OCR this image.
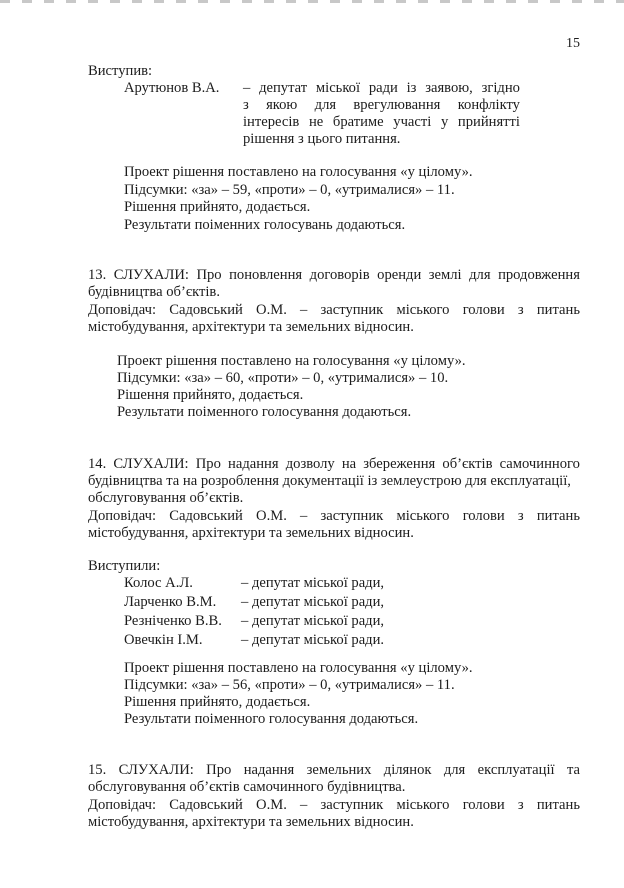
15
Виступив:
Арутюнов В.А. – депутат міської ради із заявою, згідно
з якою для врегулювання конфлікту
інтересів не братиме участі у прийнятті
рішення з цього питання.
Проект рішення поставлено на голосування «у цілому».
Підсумки: «за» – 59, «проти» – 0, «утрималися» – 11.
Рішення прийнято, додається.
Результати поіменних голосувань додаються.
13. СЛУХАЛИ: Про поновлення договорів оренди землі для продовження
будівництва об’єктів.
Доповідач: Садовський О.М. – заступник міського голови з питань
містобудування, архітектури та земельних відносин.
Проект рішення поставлено на голосування «у цілому».
Підсумки: «за» – 60, «проти» – 0, «утрималися» – 10.
Рішення прийнято, додається.
Результати поіменного голосування додаються.
14. СЛУХАЛИ: Про надання дозволу на збереження об’єктів самочинного
будівництва та на розроблення документації із землеустрою для експлуатації,
обслуговування об’єктів.
Доповідач: Садовський О.М. – заступник міського голови з питань
містобудування, архітектури та земельних відносин.
Виступили:
Колос А.Л.	– депутат міської ради,
Ларченко В.М.	– депутат міської ради,
Резніченко В.В.	– депутат міської ради,
Овечкін І.М.	– депутат міської ради.
Проект рішення поставлено на голосування «у цілому».
Підсумки: «за» – 56, «проти» – 0, «утрималися» – 11.
Рішення прийнято, додається.
Результати поіменного голосування додаються.
15. СЛУХАЛИ: Про надання земельних ділянок для експлуатації та
обслуговування об’єктів самочинного будівництва.
Доповідач: Садовський О.М. – заступник міського голови з питань
містобудування, архітектури та земельних відносин.
